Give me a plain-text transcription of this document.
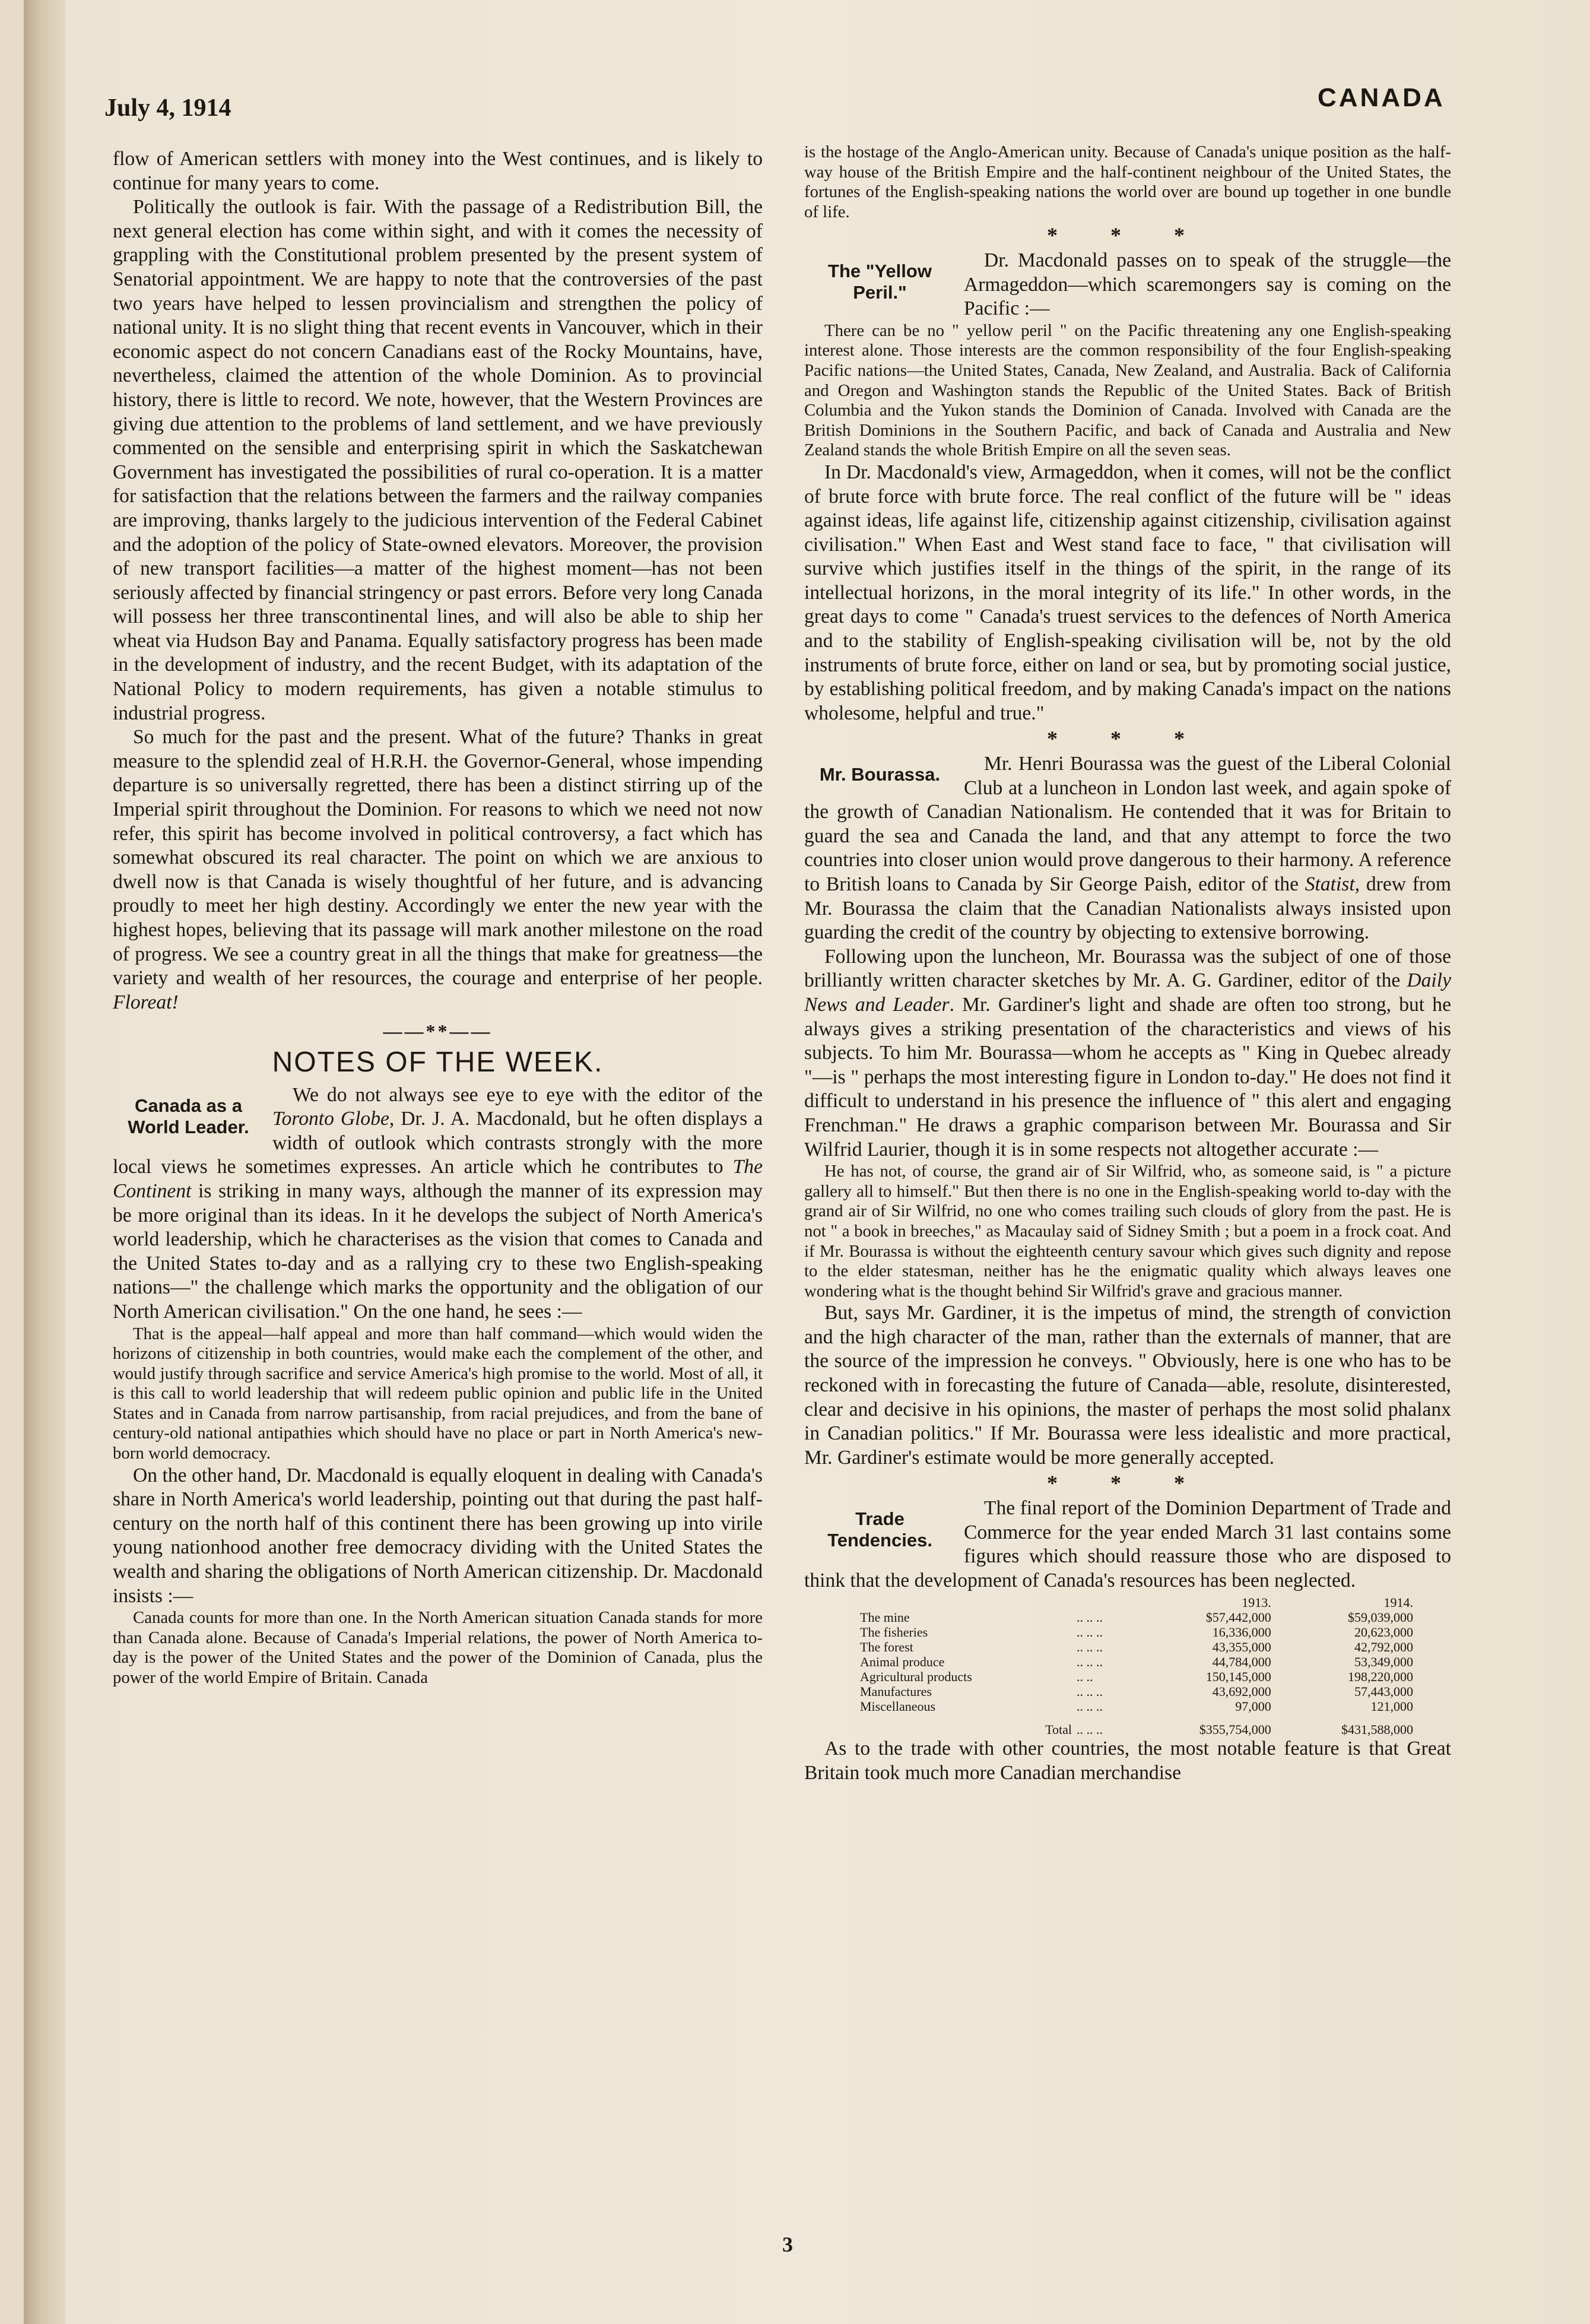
July 4, 1914	CANADA

flow of American settlers with money into the West continues, and is likely to continue for many years to come.

Politically the outlook is fair. With the passage of a Redistribution Bill, the next general election has come within sight, and with it comes the necessity of grappling with the Constitutional problem presented by the present system of Senatorial appointment. We are happy to note that the controversies of the past two years have helped to lessen provincialism and strengthen the policy of national unity. It is no slight thing that recent events in Vancouver, which in their economic aspect do not concern Canadians east of the Rocky Mountains, have, nevertheless, claimed the attention of the whole Dominion. As to provincial history, there is little to record. We note, however, that the Western Provinces are giving due attention to the problems of land settlement, and we have previously commented on the sensible and enterprising spirit in which the Saskatchewan Government has investigated the possibilities of rural co-operation. It is a matter for satisfaction that the relations between the farmers and the railway companies are improving, thanks largely to the judicious intervention of the Federal Cabinet and the adoption of the policy of State-owned elevators. Moreover, the provision of new transport facilities—a matter of the highest moment—has not been seriously affected by financial stringency or past errors. Before very long Canada will possess her three transcontinental lines, and will also be able to ship her wheat via Hudson Bay and Panama. Equally satisfactory progress has been made in the development of industry, and the recent Budget, with its adaptation of the National Policy to modern requirements, has given a notable stimulus to industrial progress.

So much for the past and the present. What of the future? Thanks in great measure to the splendid zeal of H.R.H. the Governor-General, whose impending departure is so universally regretted, there has been a distinct stirring up of the Imperial spirit throughout the Dominion. For reasons to which we need not now refer, this spirit has become involved in political controversy, a fact which has somewhat obscured its real character. The point on which we are anxious to dwell now is that Canada is wisely thoughtful of her future, and is advancing proudly to meet her high destiny. Accordingly we enter the new year with the highest hopes, believing that its passage will mark another milestone on the road of progress. We see a country great in all the things that make for greatness—the variety and wealth of her resources, the courage and enterprise of her people. Floreat!

——**——
NOTES OF THE WEEK.
Canada as a World Leader.

We do not always see eye to eye with the editor of the Toronto Globe, Dr. J. A. Macdonald, but he often displays a width of outlook which contrasts strongly with the more local views he sometimes expresses. An article which he contributes to The Continent is striking in many ways, although the manner of its expression may be more original than its ideas. In it he develops the subject of North America's world leadership, which he characterises as the vision that comes to Canada and the United States to-day and as a rallying cry to these two English-speaking nations—" the challenge which marks the opportunity and the obligation of our North American civilisation." On the one hand, he sees :—

That is the appeal—half appeal and more than half command—which would widen the horizons of citizenship in both countries, would make each the complement of the other, and would justify through sacrifice and service America's high promise to the world. Most of all, it is this call to world leadership that will redeem public opinion and public life in the United States and in Canada from narrow partisanship, from racial prejudices, and from the bane of century-old national antipathies which should have no place or part in North America's new-born world democracy.

On the other hand, Dr. Macdonald is equally eloquent in dealing with Canada's share in North America's world leadership, pointing out that during the past half-century on the north half of this continent there has been growing up into virile young nationhood another free democracy dividing with the United States the wealth and sharing the obligations of North American citizenship. Dr. Macdonald insists :—

Canada counts for more than one. In the North American situation Canada stands for more than Canada alone. Because of Canada's Imperial relations, the power of North America to-day is the power of the United States and the power of the Dominion of Canada, plus the power of the world Empire of Britain. Canada

is the hostage of the Anglo-American unity. Because of Canada's unique position as the half-way house of the British Empire and the half-continent neighbour of the United States, the fortunes of the English-speaking nations the world over are bound up together in one bundle of life.

* * *
The "Yellow Peril."

Dr. Macdonald passes on to speak of the struggle—the Armageddon—which scaremongers say is coming on the Pacific :—

There can be no " yellow peril " on the Pacific threatening any one English-speaking interest alone. Those interests are the common responsibility of the four English-speaking Pacific nations—the United States, Canada, New Zealand, and Australia. Back of California and Oregon and Washington stands the Republic of the United States. Back of British Columbia and the Yukon stands the Dominion of Canada. Involved with Canada are the British Dominions in the Southern Pacific, and back of Canada and Australia and New Zealand stands the whole British Empire on all the seven seas.

In Dr. Macdonald's view, Armageddon, when it comes, will not be the conflict of brute force with brute force. The real conflict of the future will be " ideas against ideas, life against life, citizenship against citizenship, civilisation against civilisation." When East and West stand face to face, " that civilisation will survive which justifies itself in the things of the spirit, in the range of its intellectual horizons, in the moral integrity of its life." In other words, in the great days to come " Canada's truest services to the defences of North America and to the stability of English-speaking civilisation will be, not by the old instruments of brute force, either on land or sea, but by promoting social justice, by establishing political freedom, and by making Canada's impact on the nations wholesome, helpful and true."

* * *
Mr. Bourassa.	Mr. Henri Bourassa was the guest of the Liberal Colonial Club at a luncheon in London last week, and again spoke of the growth of Canadian Nationalism. He contended that it was for Britain to guard the sea and Canada the land, and that any attempt to force the two countries into closer union would prove dangerous to their harmony. A reference to British loans to Canada by Sir George Paish, editor of the Statist, drew from Mr. Bourassa the claim that the Canadian Nationalists always insisted upon guarding the credit of the country by objecting to extensive borrowing.

Following upon the luncheon, Mr. Bourassa was the subject of one of those brilliantly written character sketches by Mr. A. G. Gardiner, editor of the Daily News and Leader. Mr. Gardiner's light and shade are often too strong, but he always gives a striking presentation of the characteristics and views of his subjects. To him Mr. Bourassa—whom he accepts as " King in Quebec already "—is " perhaps the most interesting figure in London to-day." He does not find it difficult to understand in his presence the influence of " this alert and engaging Frenchman." He draws a graphic comparison between Mr. Bourassa and Sir Wilfrid Laurier, though it is in some respects not altogether accurate :—

He has not, of course, the grand air of Sir Wilfrid, who, as someone said, is " a picture gallery all to himself." But then there is no one in the English-speaking world to-day with the grand air of Sir Wilfrid, no one who comes trailing such clouds of glory from the past. He is not " a book in breeches," as Macaulay said of Sidney Smith ; but a poem in a frock coat. And if Mr. Bourassa is without the eighteenth century savour which gives such dignity and repose to the elder statesman, neither has he the enigmatic quality which always leaves one wondering what is the thought behind Sir Wilfrid's grave and gracious manner.

But, says Mr. Gardiner, it is the impetus of mind, the strength of conviction and the high character of the man, rather than the externals of manner, that are the source of the impression he conveys. " Obviously, here is one who has to be reckoned with in forecasting the future of Canada—able, resolute, disinterested, clear and decisive in his opinions, the master of perhaps the most solid phalanx in Canadian politics." If Mr. Bourassa were less idealistic and more practical, Mr. Gardiner's estimate would be more generally accepted.

* * *
Trade Tendencies.

The final report of the Dominion Department of Trade and Commerce for the year ended March 31 last contains some figures which should reassure those who are disposed to think that the development of Canada's resources has been neglected.

		1913.	1914.
The mine	.. .. ..	$57,442,000	$59,039,000
The fisheries	.. .. ..	16,336,000	20,623,000
The forest	.. .. ..	43,355,000	42,792,000
Animal produce	.. .. ..	44,784,000	53,349,000
Agricultural products	.. ..	150,145,000	198,220,000
Manufactures	.. .. ..	43,692,000	57,443,000
Miscellaneous	.. .. ..	97,000	121,000
Total	.. .. ..	$355,754,000	$431,588,000

As to the trade with other countries, the most notable feature is that Great Britain took much more Canadian merchandise

3
